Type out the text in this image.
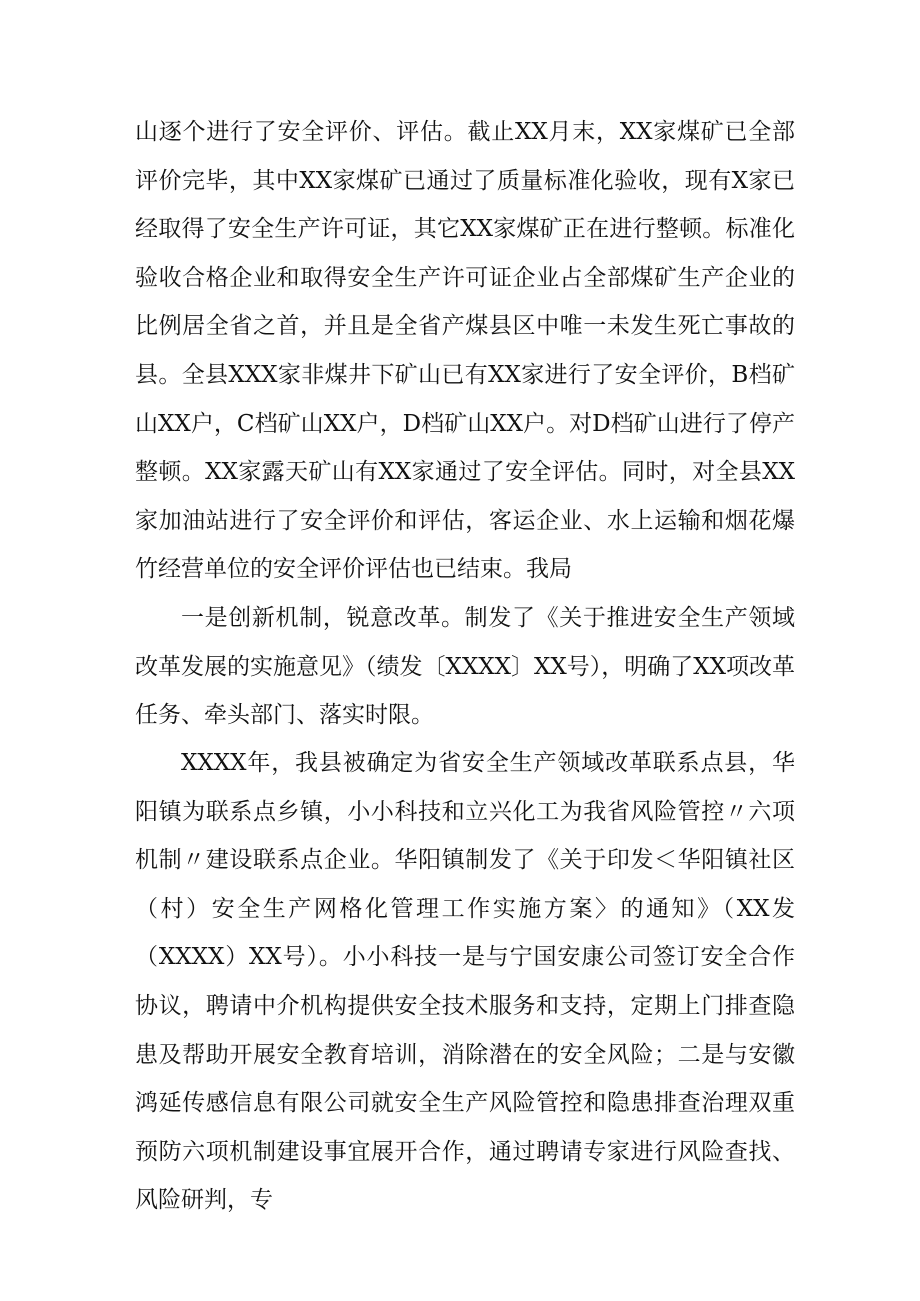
山逐个进行了安全评价、评估。截止XX月末，XX家煤矿已全部评价完毕，其中XX家煤矿已通过了质量标准化验收，现有X家已经取得了安全生产许可证，其它XX家煤矿正在进行整顿。标准化验收合格企业和取得安全生产许可证企业占全部煤矿生产企业的比例居全省之首，并且是全省产煤县区中唯一未发生死亡事故的县。全县XXX家非煤井下矿山已有XX家进行了安全评价，B档矿山XX户，C档矿山XX户，D档矿山XX户。对D档矿山进行了停产整顿。XX家露天矿山有XX家通过了安全评估。同时，对全县XX家加油站进行了安全评价和评估，客运企业、水上运输和烟花爆竹经营单位的安全评价评估也已结束。我局

一是创新机制，锐意改革。制发了《关于推进安全生产领域改革发展的实施意见》（绩发〔XXXX〕XX号），明确了XX项改革任务、牵头部门、落实时限。

XXXX年，我县被确定为省安全生产领域改革联系点县，华阳镇为联系点乡镇，小小科技和立兴化工为我省风险管控〃六项机制〃建设联系点企业。华阳镇制发了《关于印发＜华阳镇社区（村）安全生产网格化管理工作实施方案〉的通知》（XX发（XXXX）XX号）。小小科技一是与宁国安康公司签订安全合作协议，聘请中介机构提供安全技术服务和支持，定期上门排查隐患及帮助开展安全教育培训，消除潜在的安全风险；二是与安徽鸿延传感信息有限公司就安全生产风险管控和隐患排查治理双重预防六项机制建设事宜展开合作，通过聘请专家进行风险查找、风险研判，专
